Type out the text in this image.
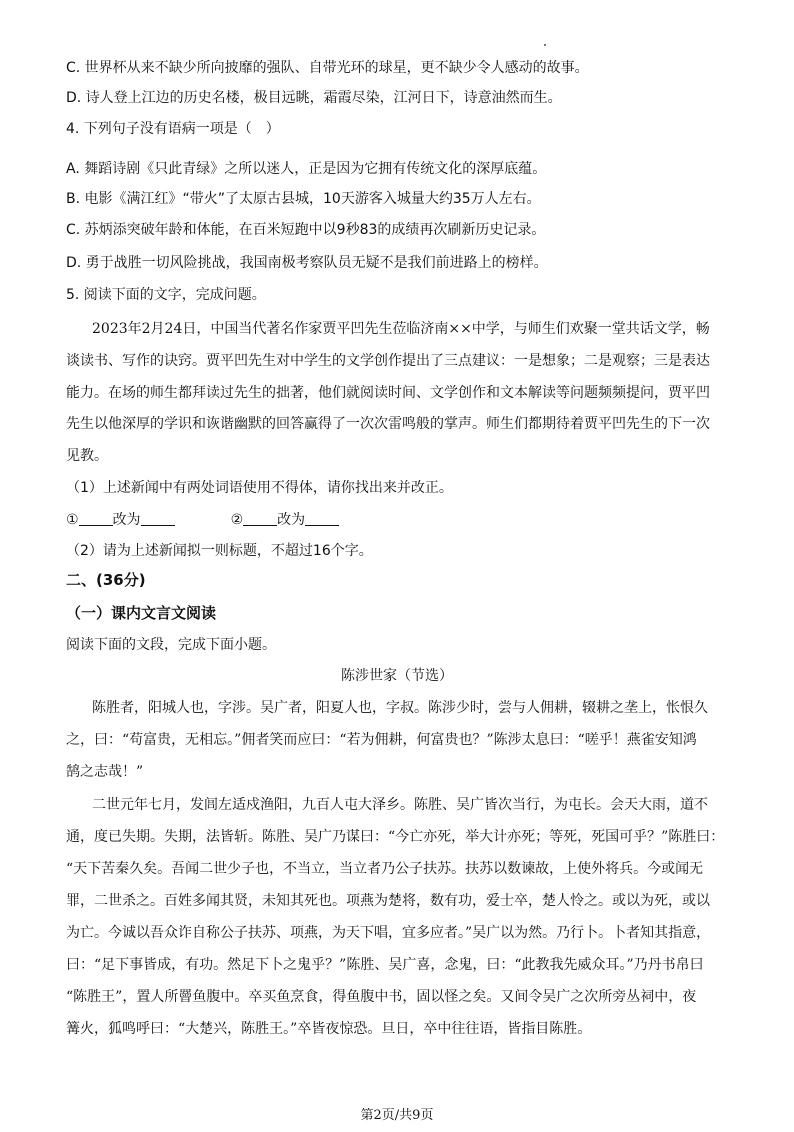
C. 世界杯从来不缺少所向披靡的强队、自带光环的球星，更不缺少令人感动的故事。
D. 诗人登上江边的历史名楼，极目远眺，霜霞尽染，江河日下，诗意油然而生。
4. 下列句子没有语病一项是（　）
A. 舞蹈诗剧《只此青绿》之所以迷人，正是因为它拥有传统文化的深厚底蕴。
B. 电影《满江红》“带火”了太原古县城，10天游客入城量大约35万人左右。
C. 苏炳添突破年龄和体能，在百米短跑中以9秒83的成绩再次刷新历史记录。
D. 勇于战胜一切风险挑战，我国南极考察队员无疑不是我们前进路上的榜样。
5. 阅读下面的文字，完成问题。
2023年2月24日，中国当代著名作家贾平凹先生莅临济南××中学，与师生们欢聚一堂共话文学，畅
谈读书、写作的诀窍。贾平凹先生对中学生的文学创作提出了三点建议：一是想象；二是观察；三是表达
能力。在场的师生都拜读过先生的拙著，他们就阅读时间、文学创作和文本解读等问题频频提问，贾平凹
先生以他深厚的学识和诙谐幽默的回答赢得了一次次雷鸣般的掌声。师生们都期待着贾平凹先生的下一次
见教。
（1）上述新闻中有两处词语使用不得体，请你找出来并改正。
① 改为	② 改为
（2）请为上述新闻拟一则标题，不超过16个字。
二、(36分)
（一）课内文言文阅读
阅读下面的文段，完成下面小题。
陈涉世家（节选）
陈胜者，阳城人也，字涉。吴广者，阳夏人也，字叔。陈涉少时，尝与人佣耕，辍耕之垄上，怅恨久
之，曰：“苟富贵，无相忘。”佣者笑而应曰：“若为佣耕，何富贵也？”陈涉太息曰：“嗟乎！燕雀安知鸿
鹄之志哉！”
二世元年七月，发闾左适戍渔阳，九百人屯大泽乡。陈胜、吴广皆次当行，为屯长。会天大雨，道不
通，度已失期。失期，法皆斩。陈胜、吴广乃谋曰：“今亡亦死，举大计亦死；等死，死国可乎？”陈胜曰：
“天下苦秦久矣。吾闻二世少子也，不当立，当立者乃公子扶苏。扶苏以数谏故，上使外将兵。今或闻无
罪，二世杀之。百姓多闻其贤，未知其死也。项燕为楚将，数有功，爱士卒，楚人怜之。或以为死，或以
为亡。今诚以吾众诈自称公子扶苏、项燕，为天下唱，宜多应者。”吴广以为然。乃行卜。卜者知其指意，
曰：“足下事皆成，有功。然足下卜之鬼乎？”陈胜、吴广喜，念鬼，曰：“此教我先威众耳。”乃丹书帛曰
“陈胜王”，置人所罾鱼腹中。卒买鱼烹食，得鱼腹中书，固以怪之矣。又间令吴广之次所旁丛祠中，夜
篝火，狐鸣呼曰：“大楚兴，陈胜王。”卒皆夜惊恐。旦日，卒中往往语，皆指目陈胜。
第2页/共9页
